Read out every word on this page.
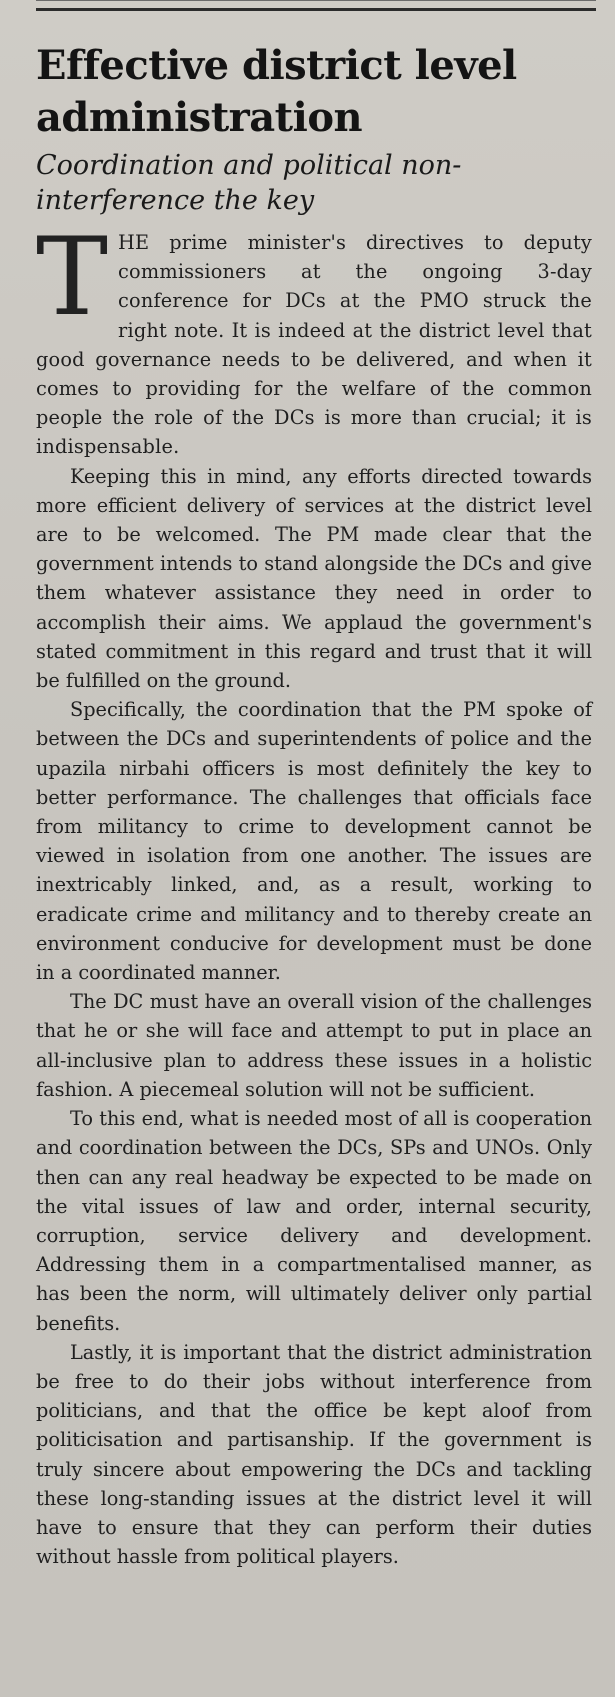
Effective district level administration
Coordination and political non-interference the key

THE prime minister's directives to deputy commissioners at the ongoing 3-day conference for DCs at the PMO struck the right note. It is indeed at the district level that good governance needs to be delivered, and when it comes to providing for the welfare of the common people the role of the DCs is more than crucial; it is indispensable.

Keeping this in mind, any efforts directed towards more efficient delivery of services at the district level are to be welcomed. The PM made clear that the government intends to stand alongside the DCs and give them whatever assistance they need in order to accomplish their aims. We applaud the government's stated commitment in this regard and trust that it will be fulfilled on the ground.

Specifically, the coordination that the PM spoke of between the DCs and superintendents of police and the upazila nirbahi officers is most definitely the key to better performance. The challenges that officials face from militancy to crime to development cannot be viewed in isolation from one another. The issues are inextricably linked, and, as a result, working to eradicate crime and militancy and to thereby create an environment conducive for development must be done in a coordinated manner.

The DC must have an overall vision of the challenges that he or she will face and attempt to put in place an all-inclusive plan to address these issues in a holistic fashion. A piecemeal solution will not be sufficient.

To this end, what is needed most of all is cooperation and coordination between the DCs, SPs and UNOs. Only then can any real headway be expected to be made on the vital issues of law and order, internal security, corruption, service delivery and development. Addressing them in a compartmentalised manner, as has been the norm, will ultimately deliver only partial benefits.

Lastly, it is important that the district administration be free to do their jobs without interference from politicians, and that the office be kept aloof from politicisation and partisanship. If the government is truly sincere about empowering the DCs and tackling these long-standing issues at the district level it will have to ensure that they can perform their duties without hassle from political players.
